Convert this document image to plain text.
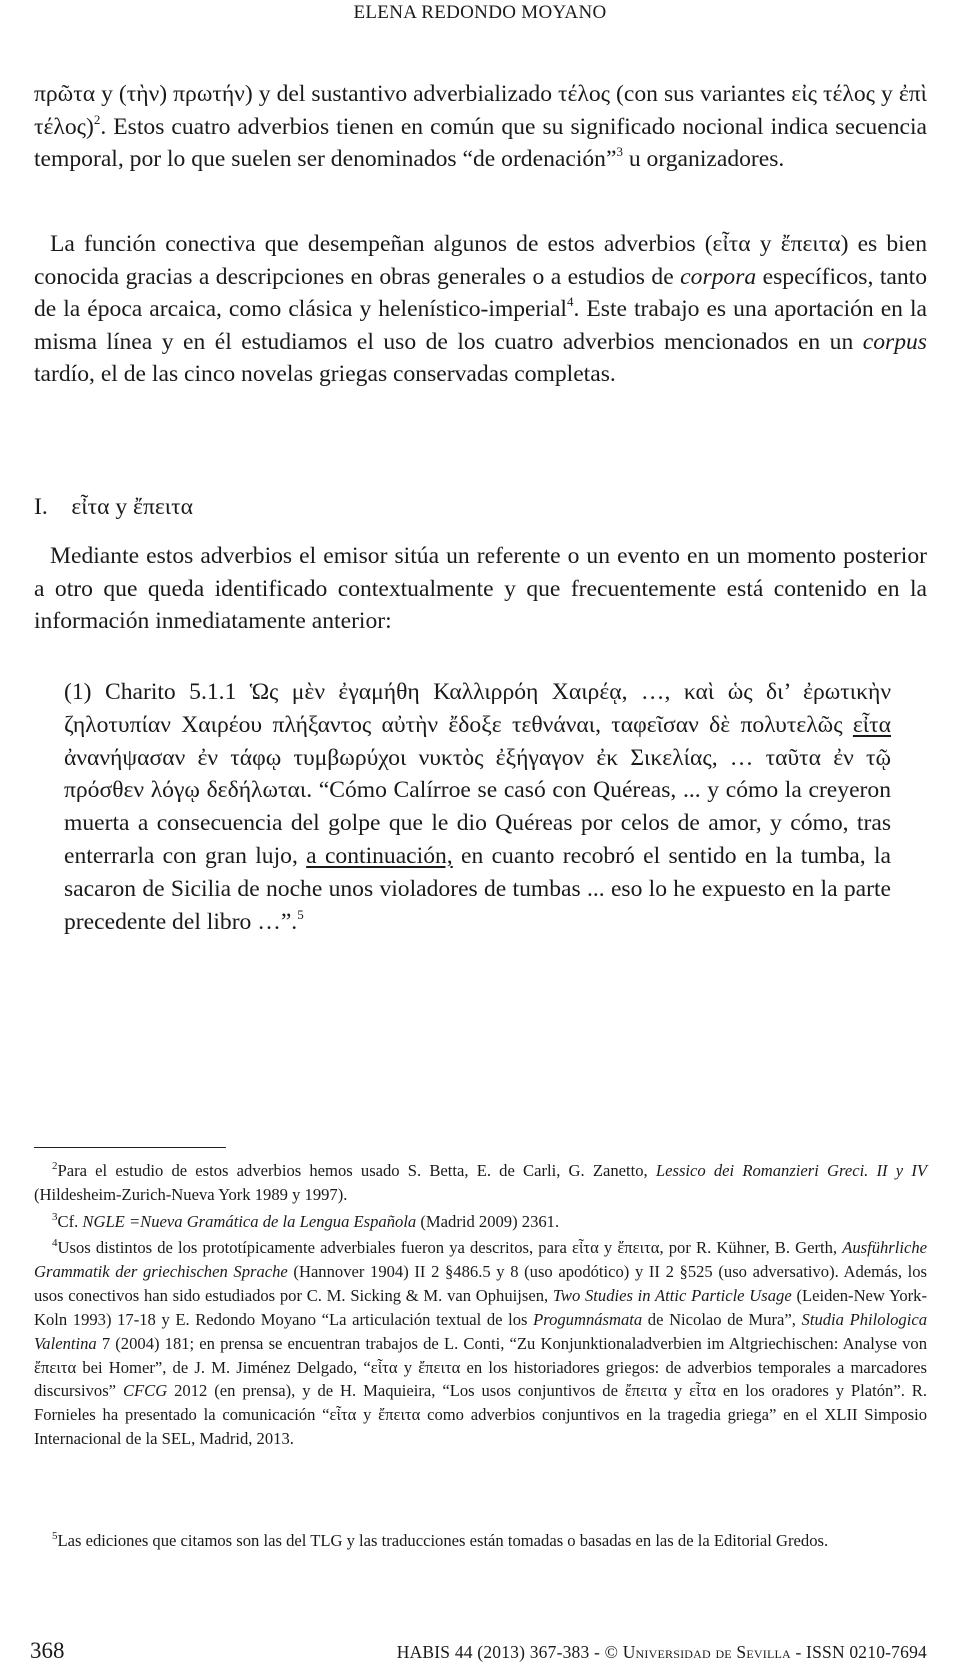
ELENA REDONDO MOYANO

πρῶτα y (τὴν) πρωτήν) y del sustantivo adverbializado τέλος (con sus variantes εἰς τέλος y ἐπὶ τέλος)$^2$. Estos cuatro adverbios tienen en común que su significado nocional indica secuencia temporal, por lo que suelen ser denominados “de ordenación”$^3$ u organizadores.

La función conectiva que desempeñan algunos de estos adverbios (εἶτα y ἔπειτα) es bien conocida gracias a descripciones en obras generales o a estudios de corpora específicos, tanto de la época arcaica, como clásica y helenístico-imperial$^4$. Este trabajo es una aportación en la misma línea y en él estudiamos el uso de los cuatro adverbios mencionados en un corpus tardío, el de las cinco novelas griegas conservadas completas.

I. εἶτα y ἔπειτα

Mediante estos adverbios el emisor sitúa un referente o un evento en un momento posterior a otro que queda identificado contextualmente y que frecuentemente está contenido en la información inmediatamente anterior:

(1) Charito 5.1.1 Ὡς μὲν ἐγαμήθη Καλλιρρόη Χαιρέᾳ, …, καὶ ὡς δι’ ἐρωτικὴν ζηλοτυπίαν Χαιρέου πλήξαντος αὐτὴν ἔδοξε τεθνάναι, ταφεῖσαν δὲ πολυτελῶς εἶτα ἀνανήψασαν ἐν τάφῳ τυμβωρύχοι νυκτὸς ἐξήγαγον ἐκ Σικελίας, … ταῦτα ἐν τῷ πρόσθεν λόγῳ δεδήλωται. “Cómo Calírroe se casó con Quéreas, ... y cómo la creyeron muerta a consecuencia del golpe que le dio Quéreas por celos de amor, y cómo, tras enterrarla con gran lujo, a continuación, en cuanto recobró el sentido en la tumba, la sacaron de Sicilia de noche unos violadores de tumbas ... eso lo he expuesto en la parte precedente del libro …”.$^5$

$^2$Para el estudio de estos adverbios hemos usado S. Betta, E. de Carli, G. Zanetto, Lessico dei Romanzieri Greci. II y IV (Hildesheim-Zurich-Nueva York 1989 y 1997).

$^3$Cf. NGLE =Nueva Gramática de la Lengua Española (Madrid 2009) 2361.

$^4$Usos distintos de los prototípicamente adverbiales fueron ya descritos, para εἶτα y ἔπειτα, por R. Kühner, B. Gerth, Ausführliche Grammatik der griechischen Sprache (Hannover 1904) II 2 §486.5 y 8 (uso apodótico) y II 2 §525 (uso adversativo). Además, los usos conectivos han sido estudiados por C. M. Sicking & M. van Ophuijsen, Two Studies in Attic Particle Usage (Leiden-New York-Koln 1993) 17-18 y E. Redondo Moyano “La articulación textual de los Progumnásmata de Nicolao de Mura”, Studia Philologica Valentina 7 (2004) 181; en prensa se encuentran trabajos de L. Conti, “Zu Konjunktionaladverbien im Altgriechischen: Analyse von ἔπειτα bei Homer”, de J. M. Jiménez Delgado, “εἶτα y ἔπειτα en los historiadores griegos: de adverbios temporales a marcadores discursivos” CFCG 2012 (en prensa), y de H. Maquieira, “Los usos conjuntivos de ἔπειτα y εἶτα en los oradores y Platón”. R. Fornieles ha presentado la comunicación “εἶτα y ἔπειτα como adverbios conjuntivos en la tragedia griega” en el XLII Simposio Internacional de la SEL, Madrid, 2013.

$^5$Las ediciones que citamos son las del TLG y las traducciones están tomadas o basadas en las de la Editorial Gredos.

368	HABIS 44 (2013) 367-383 - © Universidad de Sevilla - ISSN 0210-7694
